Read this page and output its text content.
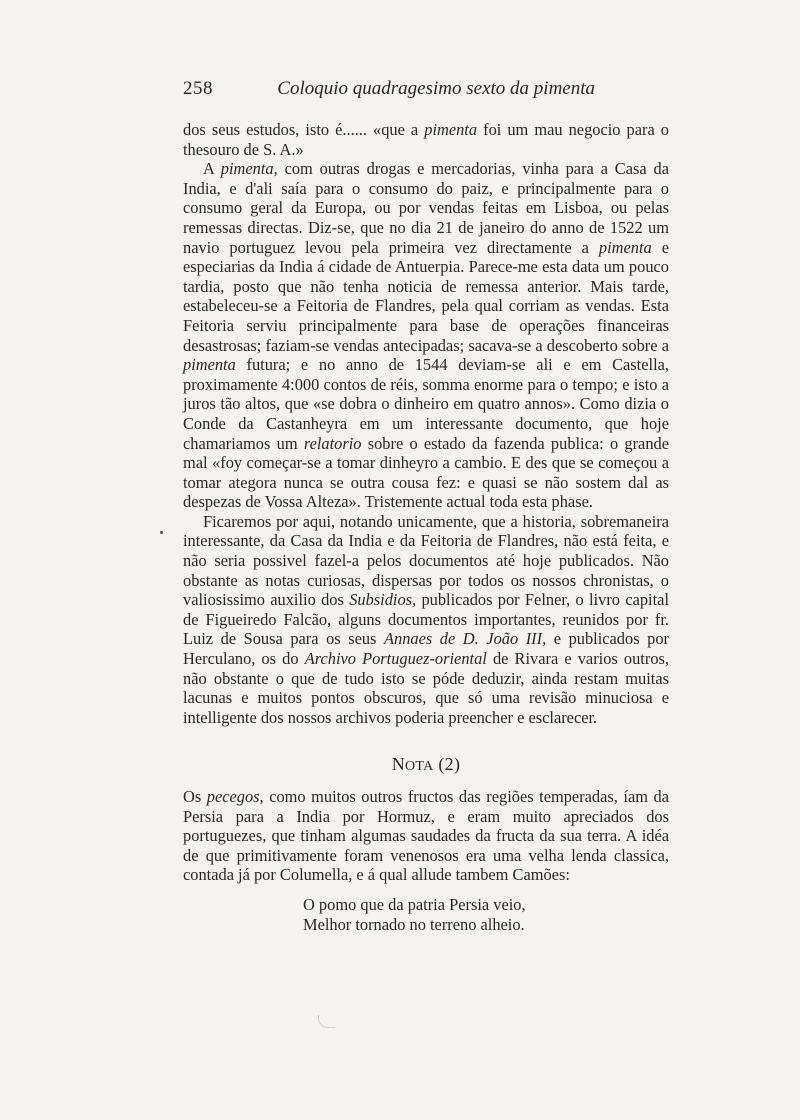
258	Coloquio quadragesimo sexto da pimenta

dos seus estudos, isto é...... «que a pimenta foi um mau negocio para o thesouro de S. A.»

A pimenta, com outras drogas e mercadorias, vinha para a Casa da India, e d'ali saía para o consumo do paiz, e principalmente para o consumo geral da Europa, ou por vendas feitas em Lisboa, ou pelas remessas directas. Diz-se, que no dia 21 de janeiro do anno de 1522 um navio portuguez levou pela primeira vez directamente a pimenta e especiarias da India á cidade de Antuerpia. Parece-me esta data um pouco tardia, posto que não tenha noticia de remessa anterior. Mais tarde, estabeleceu-se a Feitoria de Flandres, pela qual corriam as vendas. Esta Feitoria serviu principalmente para base de operações financeiras desastrosas; faziam-se vendas antecipadas; sacava-se a descoberto sobre a pimenta futura; e no anno de 1544 deviam-se ali e em Castella, proximamente 4:000 contos de réis, somma enorme para o tempo; e isto a juros tão altos, que «se dobra o dinheiro em quatro annos». Como dizia o Conde da Castanheyra em um interessante documento, que hoje chamariamos um relatorio sobre o estado da fazenda publica: o grande mal «foy começar-se a tomar dinheyro a cambio. E des que se começou a tomar ategora nunca se outra cousa fez: e quasi se não sostem dal as despezas de Vossa Alteza». Tristemente actual toda esta phase.

Ficaremos por aqui, notando unicamente, que a historia, sobremaneira interessante, da Casa da India e da Feitoria de Flandres, não está feita, e não seria possivel fazel-a pelos documentos até hoje publicados. Não obstante as notas curiosas, dispersas por todos os nossos chronistas, o valiosissimo auxilio dos Subsidios, publicados por Felner, o livro capital de Figueiredo Falcão, alguns documentos importantes, reunidos por fr. Luiz de Sousa para os seus Annaes de D. João III, e publicados por Herculano, os do Archivo Portuguez-oriental de Rivara e varios outros, não obstante o que de tudo isto se póde deduzir, ainda restam muitas lacunas e muitos pontos obscuros, que só uma revisão minuciosa e intelligente dos nossos archivos poderia preencher e esclarecer.

NOTA (2)

Os pecegos, como muitos outros fructos das regiões temperadas, íam da Persia para a India por Hormuz, e eram muito apreciados dos portuguezes, que tinham algumas saudades da fructa da sua terra. A idéa de que primitivamente foram venenosos era uma velha lenda classica, contada já por Columella, e á qual allude tambem Camões:

O pomo que da patria Persia veio,
Melhor tornado no terreno alheio.
